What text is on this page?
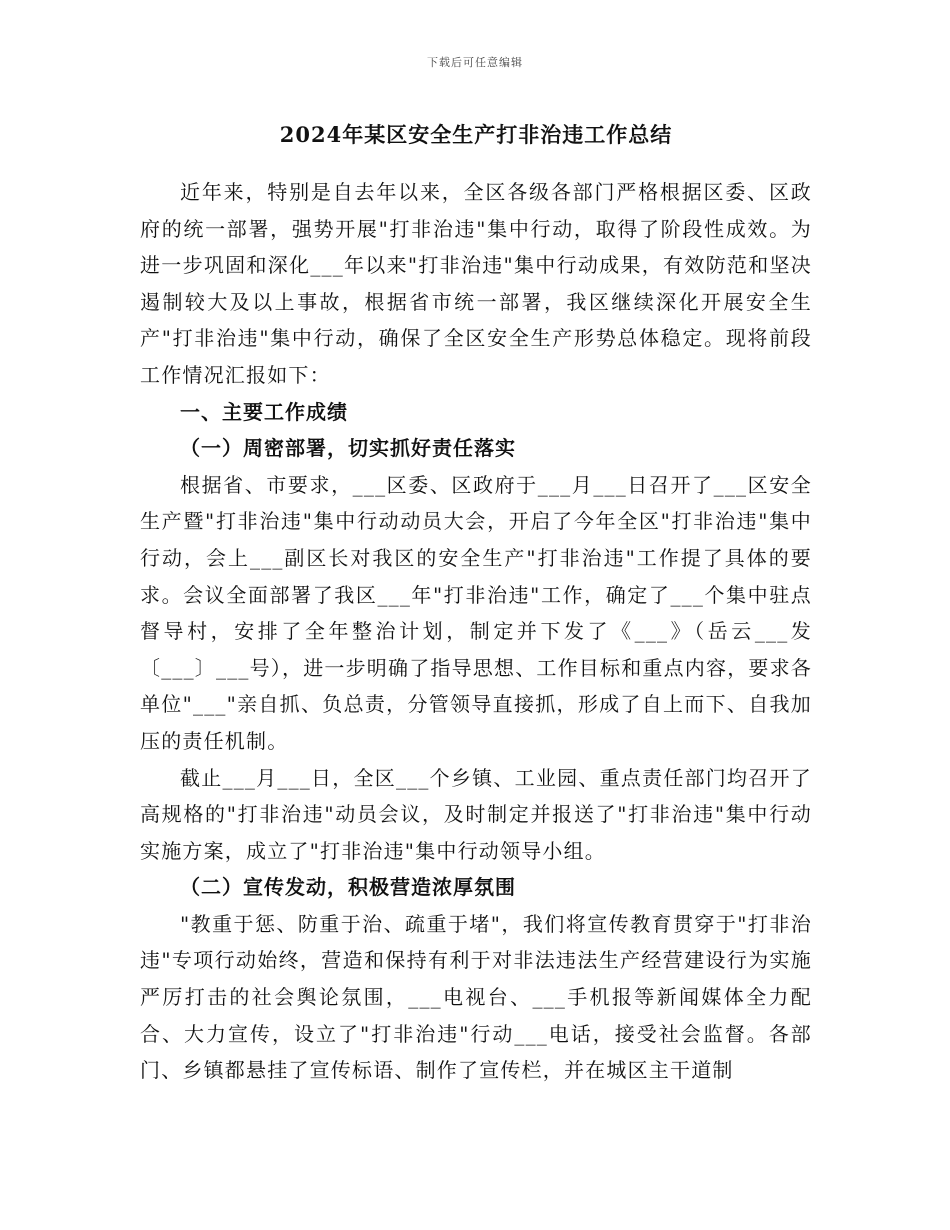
下载后可任意编辑
2024年某区安全生产打非治违工作总结

近年来，特别是自去年以来，全区各级各部门严格根据区委、区政府的统一部署，强势开展"打非治违"集中行动，取得了阶段性成效。为进一步巩固和深化___年以来"打非治违"集中行动成果，有效防范和坚决遏制较大及以上事故，根据省市统一部署，我区继续深化开展安全生产"打非治违"集中行动，确保了全区安全生产形势总体稳定。现将前段工作情况汇报如下：

一、主要工作成绩

（一）周密部署，切实抓好责任落实

根据省、市要求，___区委、区政府于___月___日召开了___区安全生产暨"打非治违"集中行动动员大会，开启了今年全区"打非治违"集中行动，会上___副区长对我区的安全生产"打非治违"工作提了具体的要求。会议全面部署了我区___年"打非治违"工作，确定了___个集中驻点督导村，安排了全年整治计划，制定并下发了《___》（岳云___发〔___〕___号），进一步明确了指导思想、工作目标和重点内容，要求各单位"___"亲自抓、负总责，分管领导直接抓，形成了自上而下、自我加压的责任机制。

截止___月___日，全区___个乡镇、工业园、重点责任部门均召开了高规格的"打非治违"动员会议，及时制定并报送了"打非治违"集中行动实施方案，成立了"打非治违"集中行动领导小组。

（二）宣传发动，积极营造浓厚氛围

"教重于惩、防重于治、疏重于堵"，我们将宣传教育贯穿于"打非治违"专项行动始终，营造和保持有利于对非法违法生产经营建设行为实施严厉打击的社会舆论氛围，___电视台、___手机报等新闻媒体全力配合、大力宣传，设立了"打非治违"行动___电话，接受社会监督。各部门、乡镇都悬挂了宣传标语、制作了宣传栏，并在城区主干道制
